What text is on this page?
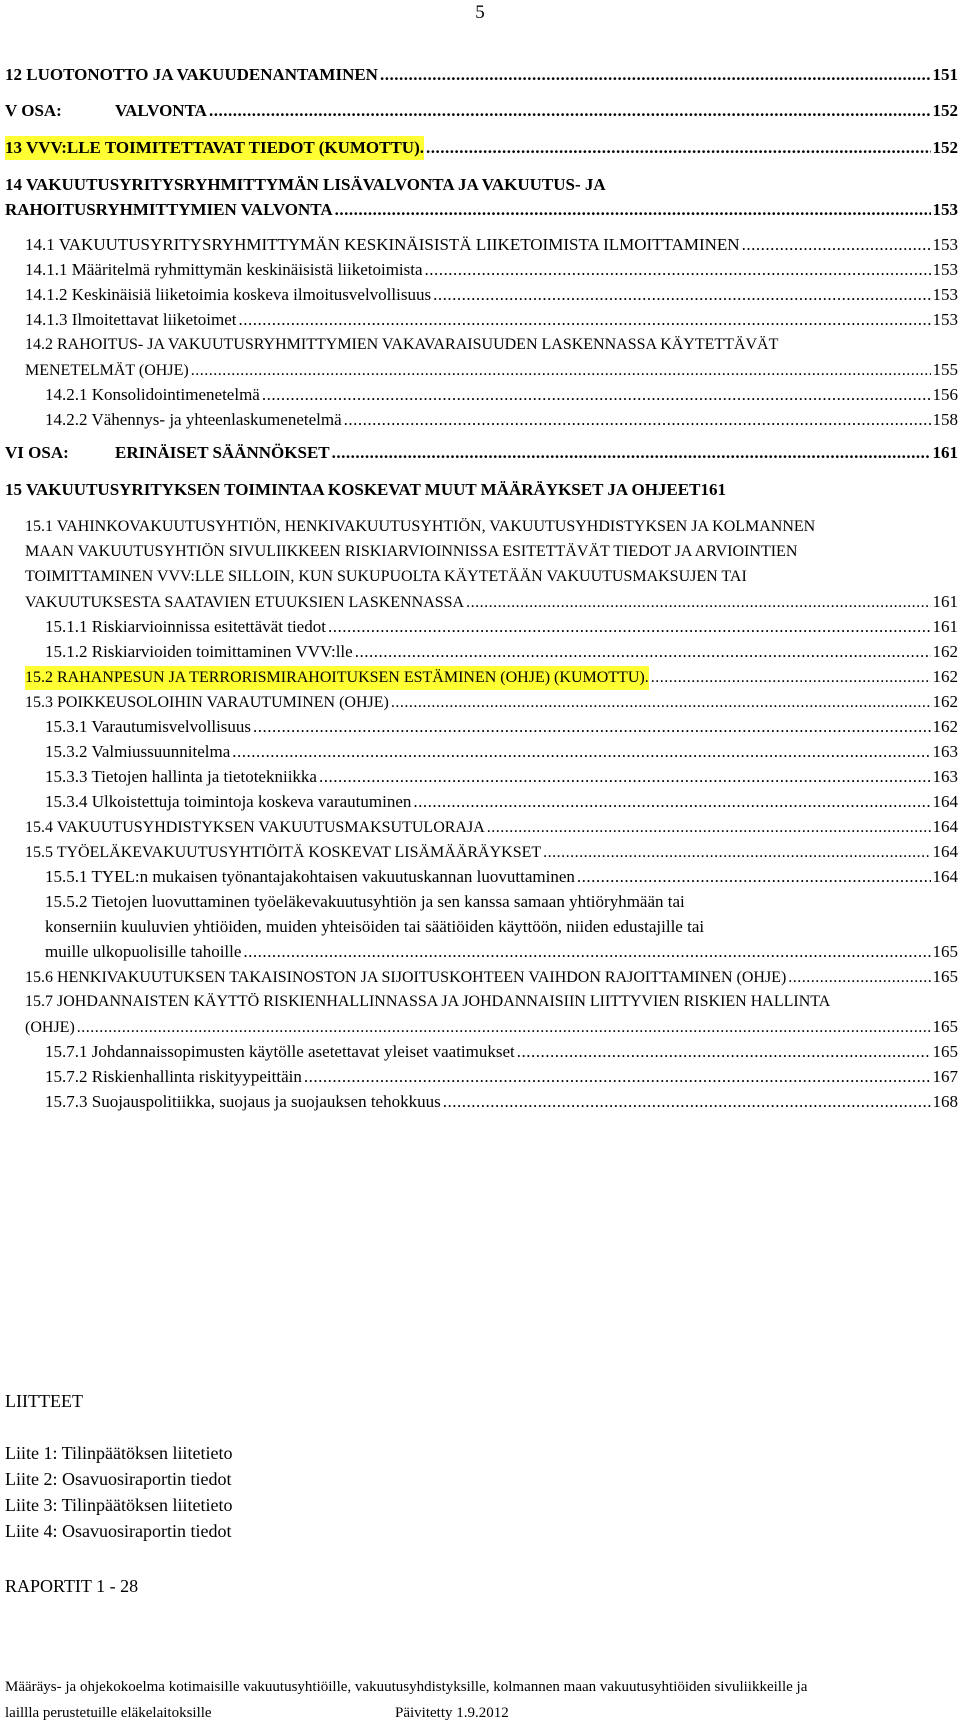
5
12 LUOTONOTTO JA VAKUUDENANTAMINEN .....	151
V OSA:	VALVONTA .....	152
13 VVV:LLE TOIMITETTAVAT TIEDOT (KUMOTTU). .....	152
14 VAKUUTUSYRITYSRYHMITTYMÄN LISÄVALVONTA JA VAKUUTUS- JA
RAHOITUSRYHMITTYMIEN VALVONTA .....	153
14.1 VAKUUTUSYRITYSRYHMITTYMÄN KESKINÄISISTÄ LIIKETOIMISTA ILMOITTAMINEN .....	153
14.1.1 Määritelmä ryhmittymän keskinäisistä liiketoimista .....	153
14.1.2 Keskinäisiä liiketoimia koskeva ilmoitusvelvollisuus .....	153
14.1.3 Ilmoitettavat liiketoimet .....	153
14.2 RAHOITUS- JA VAKUUTUSRYHMITTYMIEN VAKAVARAISUUDEN LASKENNASSA KÄYTETTÄVÄT
MENETELMÄT (OHJE) .....	155
14.2.1 Konsolidointimenetelmä .....	156
14.2.2 Vähennys- ja yhteenlaskumenetelmä .....	158
VI OSA:	ERINÄISET SÄÄNNÖKSET .....	161
15 VAKUUTUSYRITYKSEN TOIMINTAA KOSKEVAT MUUT MÄÄRÄYKSET JA OHJEET 161
15.1 VAHINKOVAKUUTUSYHTIÖN, HENKIVAKUUTUSYHTIÖN, VAKUUTUSYHDISTYKSEN JA KOLMANNEN
MAAN VAKUUTUSYHTIÖN SIVULIIKKEEN RISKIARVIOINNISSA ESITETTÄVÄT TIEDOT JA ARVIOINTIEN
TOIMITTAMINEN VVV:LLE SILLOIN, KUN SUKUPUOLTA KÄYTETÄÄN VAKUUTUSMAKSUJEN TAI
VAKUUTUKSESTA SAATAVIEN ETUUKSIEN LASKENNASSA .....	161
15.1.1 Riskiarvioinnissa esitettävät tiedot .....	161
15.1.2 Riskiarvioiden toimittaminen VVV:lle .....	162
15.2 RAHANPESUN JA TERRORISMIRAHOITUKSEN ESTÄMINEN (OHJE) (KUMOTTU). .....	162
15.3 POIKKEUSOLOIHIN VARAUTUMINEN (OHJE) .....	162
15.3.1 Varautumisvelvollisuus .....	162
15.3.2 Valmiussuunnitelma .....	163
15.3.3 Tietojen hallinta ja tietotekniikka .....	163
15.3.4 Ulkoistettuja toimintoja koskeva varautuminen .....	164
15.4 VAKUUTUSYHDISTYKSEN VAKUUTUSMAKSUTULORAJA .....	164
15.5 TYÖELÄKEVAKUUTUSYHTIÖITÄ KOSKEVAT LISÄMÄÄRÄYKSET .....	164
15.5.1 TYEL:n mukaisen työnantajakohtaisen vakuutuskannan luovuttaminen .....	164
15.5.2 Tietojen luovuttaminen työeläkevakuutusyhtiön ja sen kanssa samaan yhtiöryhmään tai
konserniin kuuluvien yhtiöiden, muiden yhteisöiden tai säätiöiden käyttöön, niiden edustajille tai
muille ulkopuolisille tahoille .....	165
15.6 HENKIVAKUUTUKSEN TAKAISINOSTON JA SIJOITUSKOHTEEN VAIHDON RAJOITTAMINEN (OHJE) .....	165
15.7 JOHDANNAISTEN KÄYTTÖ RISKIENHALLINNASSA JA JOHDANNAISIIN LIITTYVIEN RISKIEN HALLINTA
(OHJE) .....	165
15.7.1 Johdannaissopimusten käytölle asetettavat yleiset vaatimukset .....	165
15.7.2 Riskienhallinta riskityypeittäin .....	167
15.7.3 Suojauspolitiikka, suojaus ja suojauksen tehokkuus .....	168
LIITTEET
Liite 1: Tilinpäätöksen liitetieto
Liite 2: Osavuosiraportin tiedot
Liite 3: Tilinpäätöksen liitetieto
Liite 4: Osavuosiraportin tiedot
RAPORTIT 1 - 28
Määräys- ja ohjekokoelma kotimaisille vakuutusyhtiöille, vakuutusyhdistyksille, kolmannen maan vakuutusyhtiöiden sivuliikkeille ja
laillla perustetuille eläkelaitoksille	Päivitetty 1.9.2012
